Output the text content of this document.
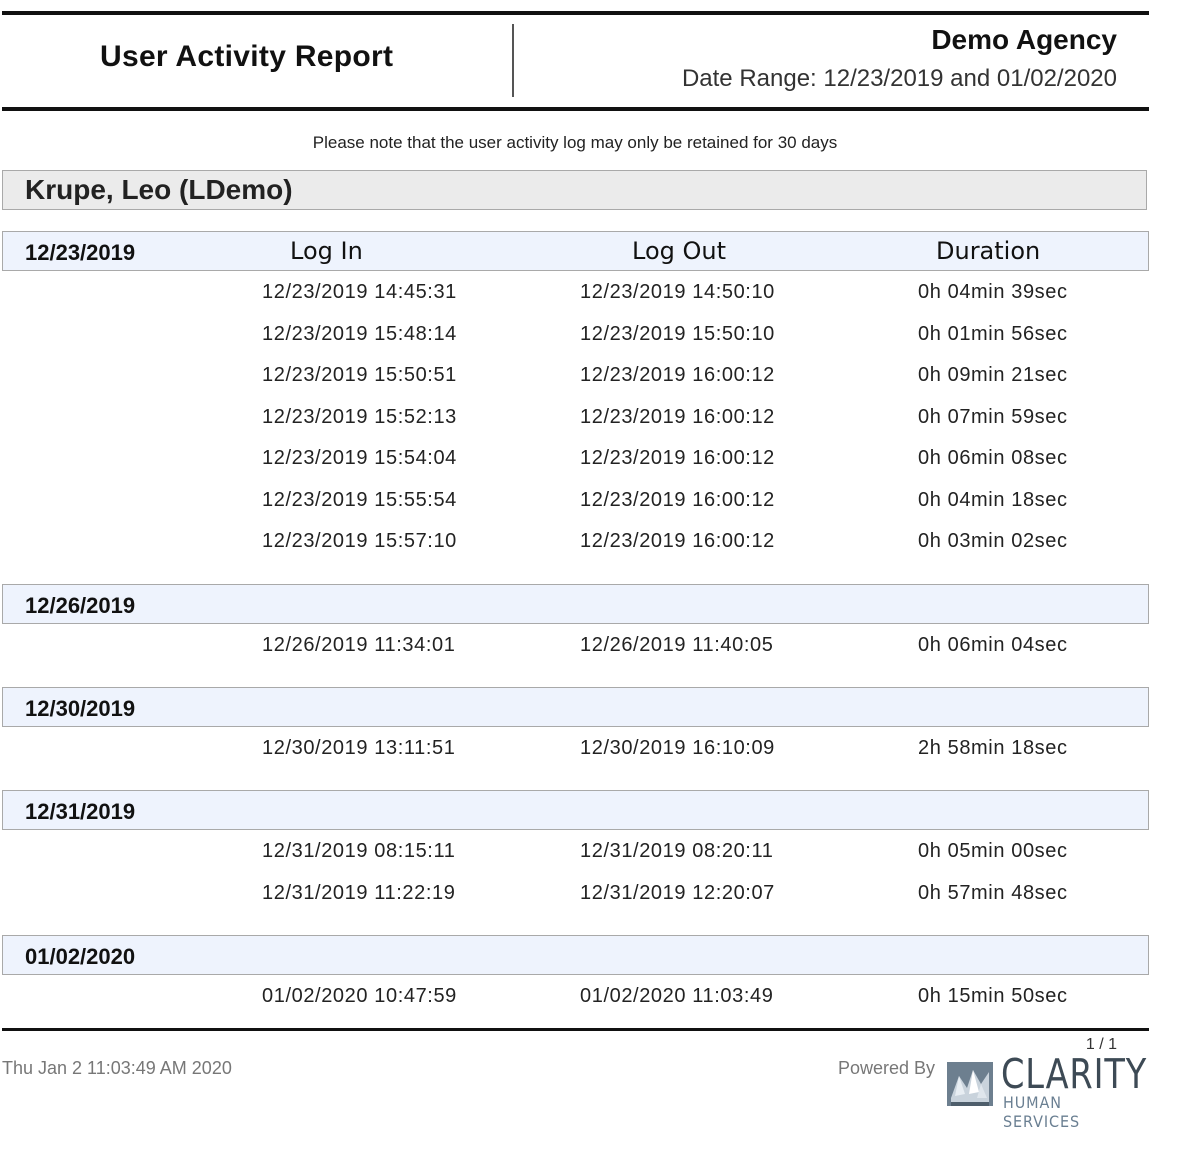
User Activity Report
Demo Agency
Date Range: 12/23/2019 and 01/02/2020
Please note that the user activity log may only be retained for 30 days
Krupe, Leo (LDemo)
12/23/2019	Log In	Log Out	Duration
12/23/2019 14:45:31	12/23/2019 14:50:10	0h 04min 39sec
12/23/2019 15:48:14	12/23/2019 15:50:10	0h 01min 56sec
12/23/2019 15:50:51	12/23/2019 16:00:12	0h 09min 21sec
12/23/2019 15:52:13	12/23/2019 16:00:12	0h 07min 59sec
12/23/2019 15:54:04	12/23/2019 16:00:12	0h 06min 08sec
12/23/2019 15:55:54	12/23/2019 16:00:12	0h 04min 18sec
12/23/2019 15:57:10	12/23/2019 16:00:12	0h 03min 02sec
12/26/2019
12/26/2019 11:34:01	12/26/2019 11:40:05	0h 06min 04sec
12/30/2019
12/30/2019 13:11:51	12/30/2019 16:10:09	2h 58min 18sec
12/31/2019
12/31/2019 08:15:11	12/31/2019 08:20:11	0h 05min 00sec
12/31/2019 11:22:19	12/31/2019 12:20:07	0h 57min 48sec
01/02/2020
01/02/2020 10:47:59	01/02/2020 11:03:49	0h 15min 50sec
Thu Jan 2 11:03:49 AM 2020
1 / 1
Powered By CLARITY
HUMAN SERVICES
